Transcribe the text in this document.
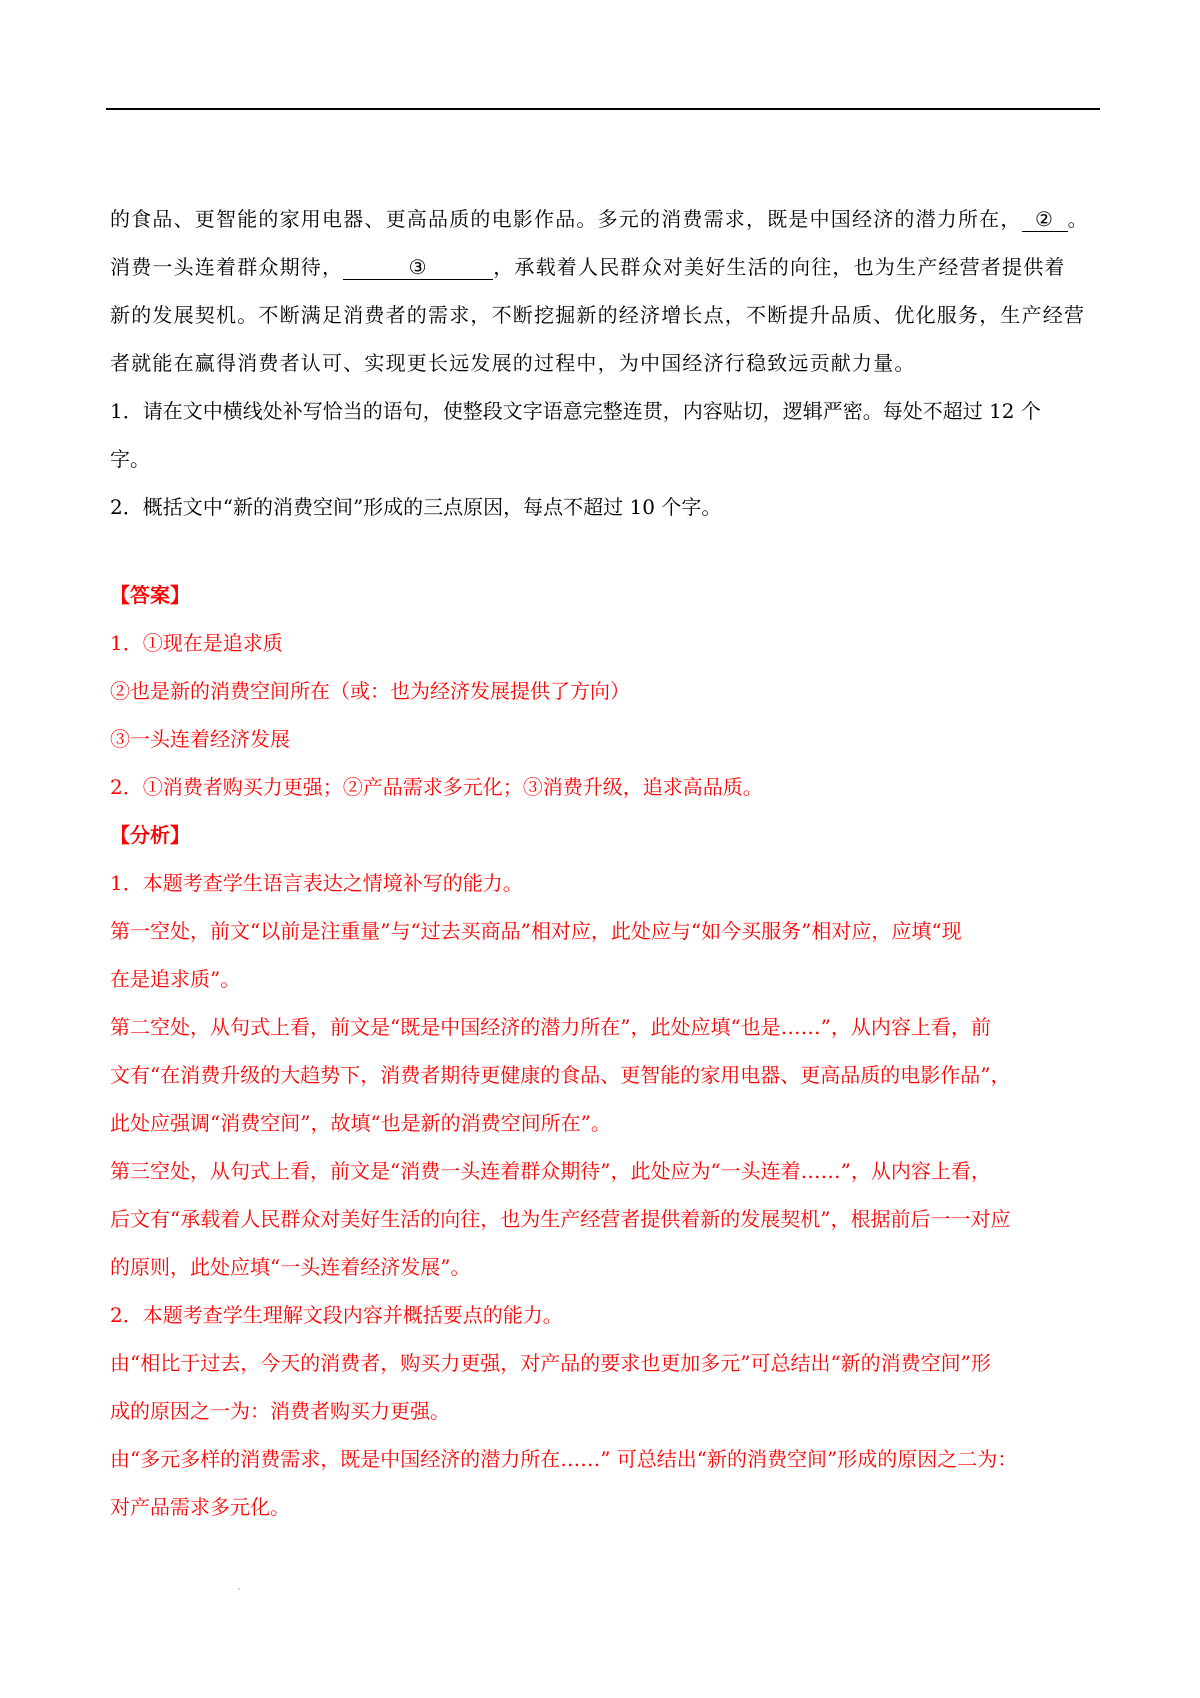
的食品、更智能的家用电器、更高品质的电影作品。多元的消费需求，既是中国经济的潜力所在， ② 。
消费一头连着群众期待，	③	，承载着人民群众对美好生活的向往，也为生产经营者提供着
新的发展契机。不断满足消费者的需求，不断挖掘新的经济增长点，不断提升品质、优化服务，生产经营
者就能在赢得消费者认可、实现更长远发展的过程中，为中国经济行稳致远贡献力量。
1．请在文中横线处补写恰当的语句，使整段文字语意完整连贯，内容贴切，逻辑严密。每处不超过 12 个
字。
2．概括文中“新的消费空间”形成的三点原因，每点不超过 10 个字。
【答案】
1．①现在是追求质
②也是新的消费空间所在（或：也为经济发展提供了方向）
③一头连着经济发展
2．①消费者购买力更强；②产品需求多元化；③消费升级，追求高品质。
【分析】
1．本题考查学生语言表达之情境补写的能力。
第一空处，前文“以前是注重量”与“过去买商品”相对应，此处应与“如今买服务”相对应，应填“现
在是追求质”。
第二空处，从句式上看，前文是“既是中国经济的潜力所在”，此处应填“也是……”，从内容上看，前
文有“在消费升级的大趋势下，消费者期待更健康的食品、更智能的家用电器、更高品质的电影作品”，
此处应强调“消费空间”，故填“也是新的消费空间所在”。
第三空处，从句式上看，前文是“消费一头连着群众期待”，此处应为“一头连着……”，从内容上看，
后文有“承载着人民群众对美好生活的向往，也为生产经营者提供着新的发展契机”，根据前后一一对应
的原则，此处应填“一头连着经济发展”。
2．本题考查学生理解文段内容并概括要点的能力。
由“相比于过去，今天的消费者，购买力更强，对产品的要求也更加多元”可总结出“新的消费空间”形
成的原因之一为：消费者购买力更强。
由“多元多样的消费需求，既是中国经济的潜力所在……” 可总结出“新的消费空间”形成的原因之二为：
对产品需求多元化。
